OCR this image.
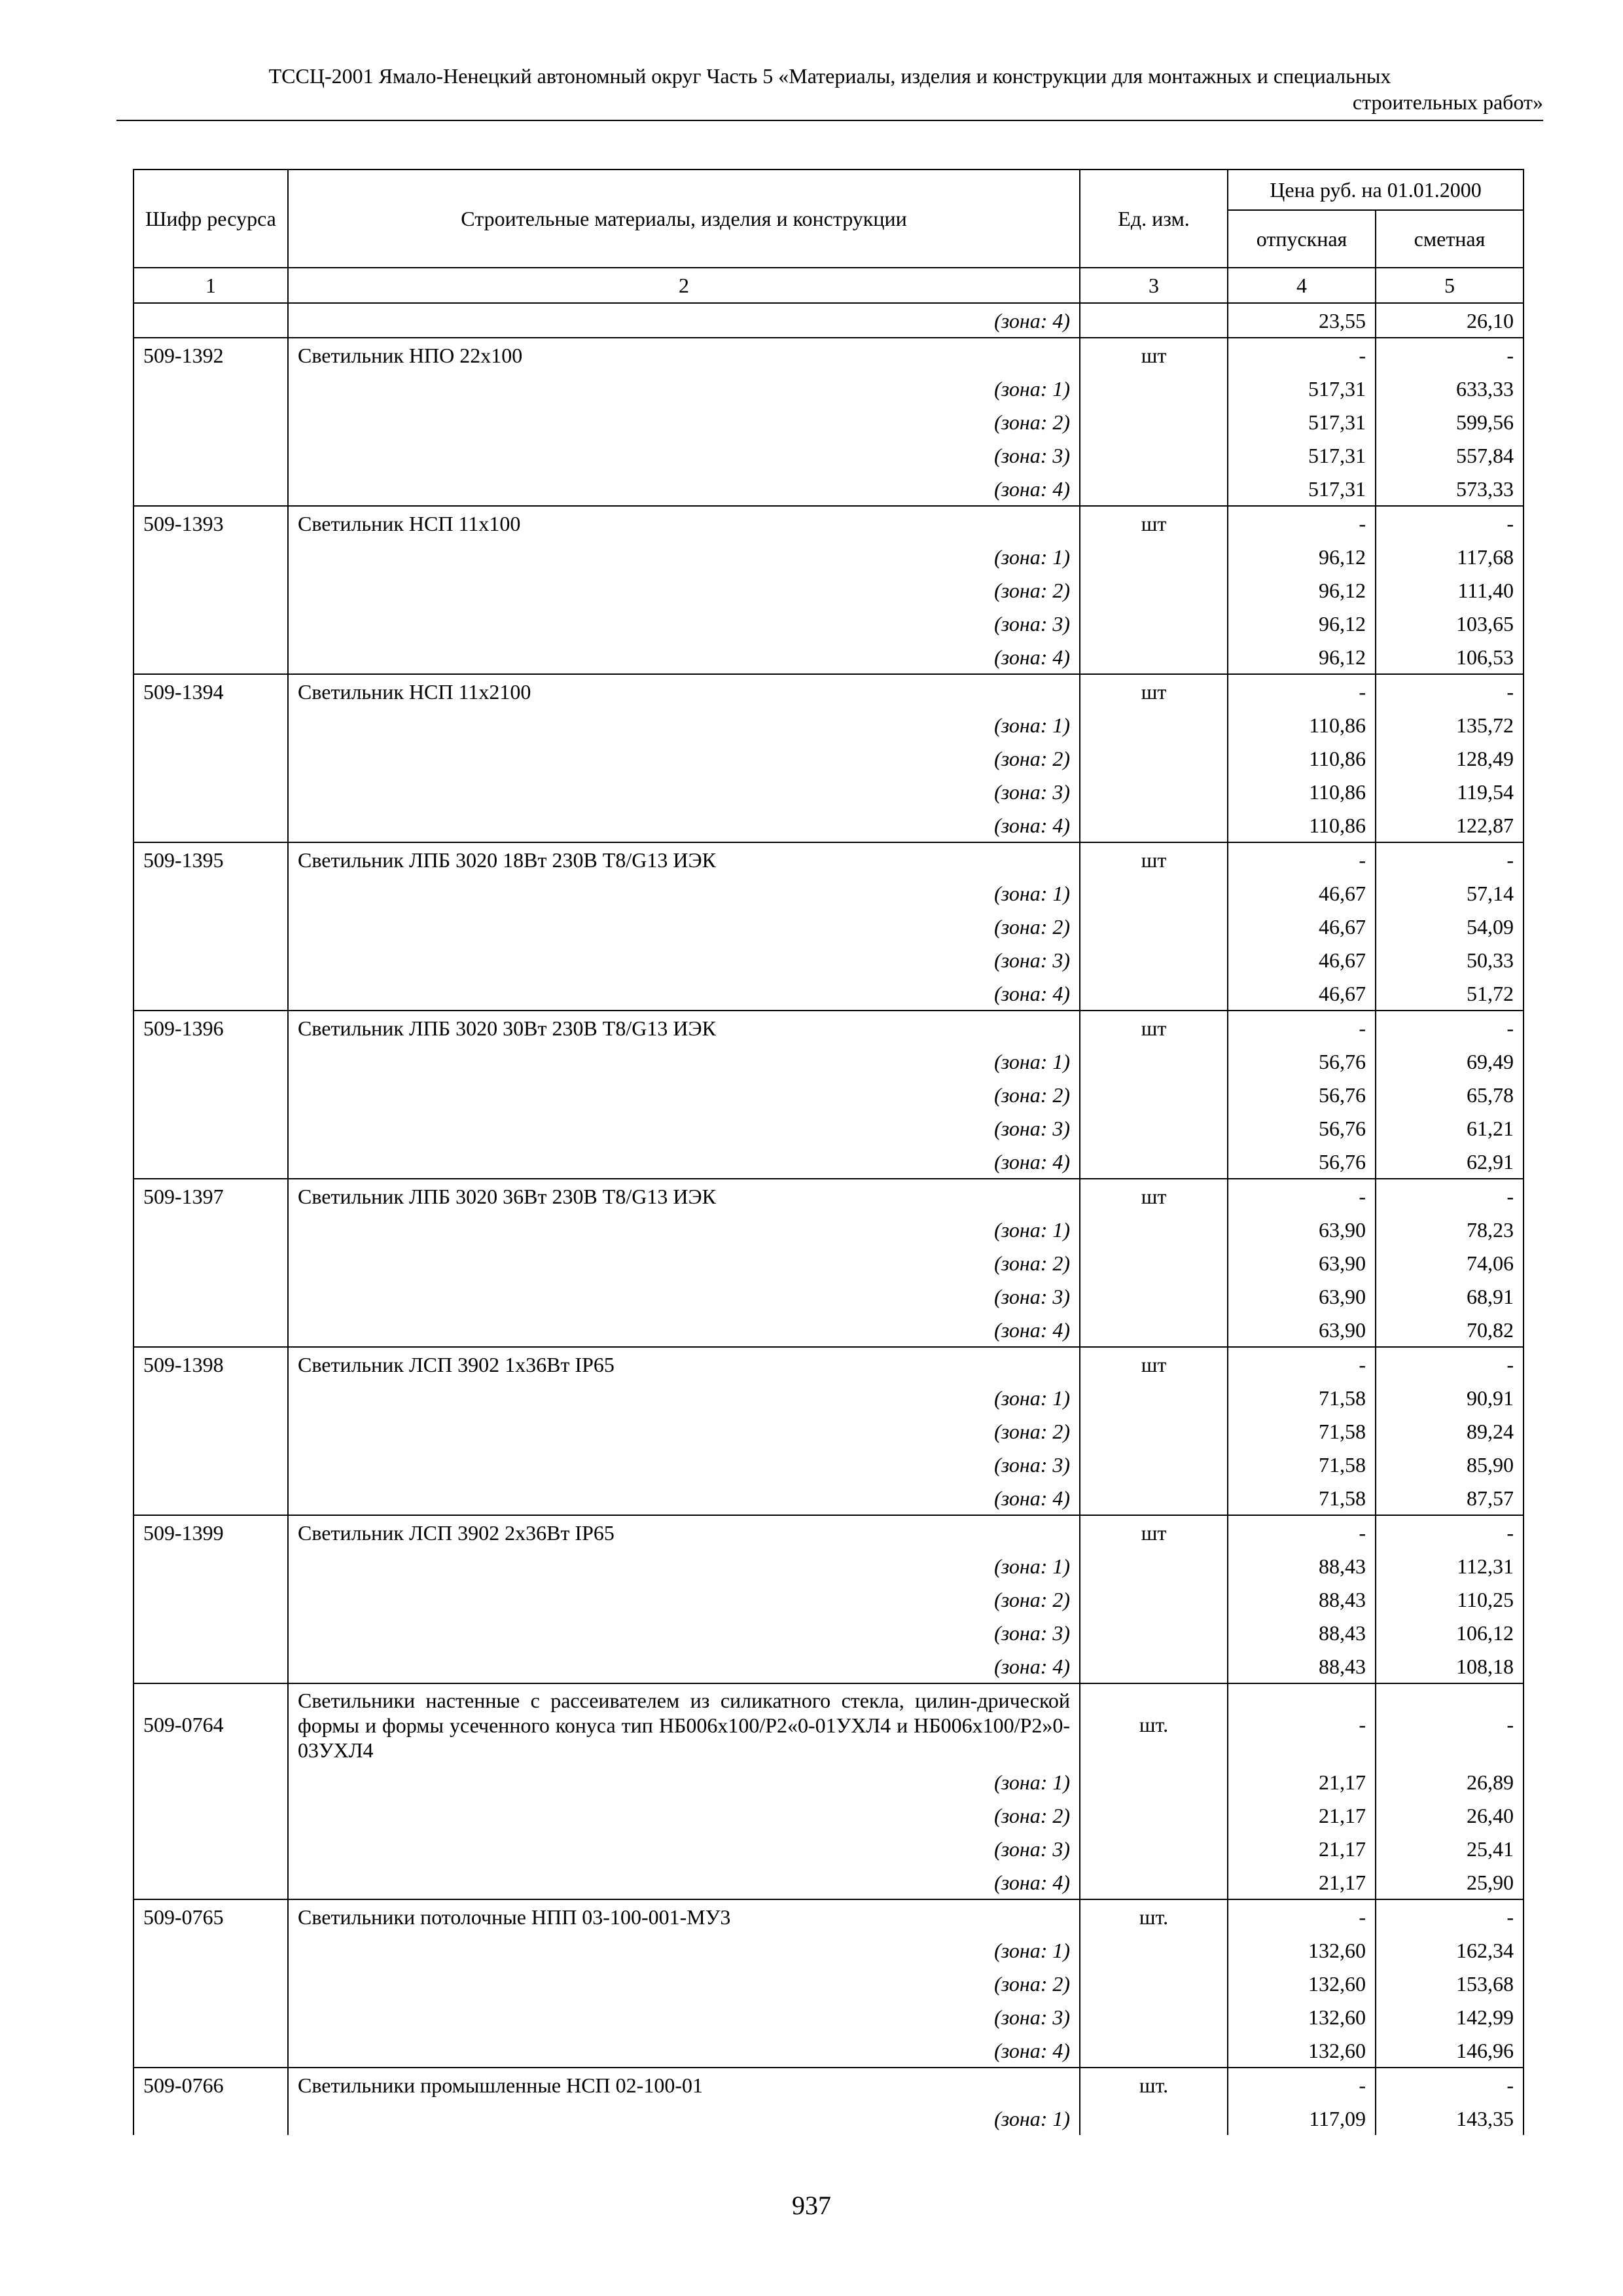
ТССЦ-2001 Ямало-Ненецкий автономный округ Часть 5 «Материалы, изделия и конструкции для монтажных и специальных
строительных работ»
Шифр ресурса	Строительные материалы, изделия и конструкции	Ед. изм.	Цена руб. на 01.01.2000	
			отпускная	сметная
1	2	3	4	5
	(зона: 4)		23,55	26,10
509-1392	Светильник НПО 22х100	шт	-	-
	(зона: 1)		517,31	633,33
	(зона: 2)		517,31	599,56
	(зона: 3)		517,31	557,84
	(зона: 4)		517,31	573,33
509-1393	Светильник НСП 11х100	шт	-	-
	(зона: 1)		96,12	117,68
	(зона: 2)		96,12	111,40
	(зона: 3)		96,12	103,65
	(зона: 4)		96,12	106,53
509-1394	Светильник НСП 11х2100	шт	-	-
	(зона: 1)		110,86	135,72
	(зона: 2)		110,86	128,49
	(зона: 3)		110,86	119,54
	(зона: 4)		110,86	122,87
509-1395	Светильник ЛПБ 3020 18Вт 230В Т8/G13 ИЭК	шт	-	-
	(зона: 1)		46,67	57,14
	(зона: 2)		46,67	54,09
	(зона: 3)		46,67	50,33
	(зона: 4)		46,67	51,72
509-1396	Светильник ЛПБ 3020 30Вт 230В Т8/G13 ИЭК	шт	-	-
	(зона: 1)		56,76	69,49
	(зона: 2)		56,76	65,78
	(зона: 3)		56,76	61,21
	(зона: 4)		56,76	62,91
509-1397	Светильник ЛПБ 3020 36Вт 230В Т8/G13 ИЭК	шт	-	-
	(зона: 1)		63,90	78,23
	(зона: 2)		63,90	74,06
	(зона: 3)		63,90	68,91
	(зона: 4)		63,90	70,82
509-1398	Светильник ЛСП 3902 1х36Вт IP65	шт	-	-
	(зона: 1)		71,58	90,91
	(зона: 2)		71,58	89,24
	(зона: 3)		71,58	85,90
	(зона: 4)		71,58	87,57
509-1399	Светильник ЛСП 3902 2х36Вт IP65	шт	-	-
	(зона: 1)		88,43	112,31
	(зона: 2)		88,43	110,25
	(зона: 3)		88,43	106,12
	(зона: 4)		88,43	108,18
509-0764	Светильники настенные с рассеивателем из силикатного стекла, цилин-дрической формы и формы усеченного конуса тип НБ006х100/Р2«0-01УХЛ4 и НБ006х100/Р2»0-03УХЛ4	шт.	-	-
	(зона: 1)		21,17	26,89
	(зона: 2)		21,17	26,40
	(зона: 3)		21,17	25,41
	(зона: 4)		21,17	25,90
509-0765	Светильники потолочные НПП 03-100-001-МУ3	шт.	-	-
	(зона: 1)		132,60	162,34
	(зона: 2)		132,60	153,68
	(зона: 3)		132,60	142,99
	(зона: 4)		132,60	146,96
509-0766	Светильники промышленные НСП 02-100-01	шт.	-	-
	(зона: 1)		117,09	143,35
937
